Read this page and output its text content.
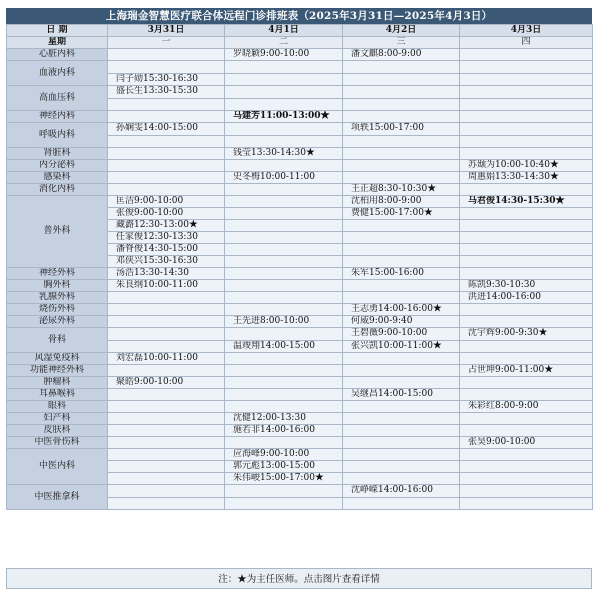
上海瑞金智慧医疗联合体远程门诊排班表（2025年3月31日—2025年4月3日）
日 期	3月31日	4月1日	4月2日	4月3日
星期	一	二	三	四
心脏内科		罗晓颖9:00-10:00	潘文麒8:00-9:00	
血液内科				
	闫子勋15:30-16:30			
高血压科	盛长生13:30-15:30			

神经内科		马建芳11:00-13:00★		
呼吸内科	孙娴雯14:00-15:00		项轶15:00-17:00	

肾脏科		钱莹13:30-14:30★		
内分泌科				苏颋为10:00-10:40★
感染科		史冬梅10:00-11:00		周惠娟13:30-14:30★
消化内科			王正超8:30-10:30★	
普外科	匡洁9:00-10:00		沈柏用8:00-9:00	马君俊14:30-15:30★
	张俊9:00-10:00		费健15:00-17:00★	
	藏潞12:30-13:00★			
	任家俊12:30-13:30			
	潘脊俊14:30-15:00			
	邓侠兴15:30-16:30			
神经外科	汤浩13:30-14:30		朱军15:00-16:00	
胸外科	朱良纲10:00-11:00			陈凯9:30-10:30
乳腺外科				洪进14:00-16:00
烧伤外科			王志勇14:00-16:00★	
泌尿外科		王先进8:00-10:00	何威9:00-9:40	
骨科			王碧薇9:00-10:00	沈宇辉9:00-9:30★
		温竣翔14:00-15:00	张兴凯10:00-11:00★	
风湿免疫科	刘宏磊10:00-11:00			
功能神经外科				占世坤9:00-11:00★
肿瘤科	聚皓9:00-10:00			
耳鼻喉科			吴继昌14:00-15:00	
眼科				朱彩红8:00-9:00
妇产科		沈健12:00-13:30		
皮肤科		施若非14:00-16:00		
中医骨伤科				张昊9:00-10:00
中医内科		应海峰9:00-10:00		
		郭元彪13:00-15:00		
		朱伟峻15:00-17:00★		
中医推拿科			沈峥嵘14:00-16:00	

注：★为主任医师。点击图片查看详情
